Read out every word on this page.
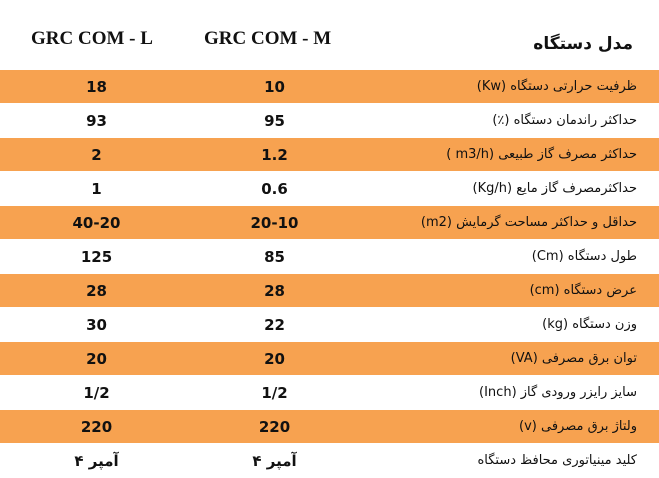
GRC COM - L	GRC COM - M	مدل دستگاه
18	10	ظرفیت حرارتی دستگاه (Kw)
93	95	حداکثر راندمان دستگاه (٪)
2	1.2	حداکثر مصرف گاز طبیعی (m3/h )
1	0.6	حداکثرمصرف گاز مایع (Kg/h)
40-20	20-10	حداقل و حداکثر مساحت گرمایش (m2)
125	85	طول دستگاه (Cm)
28	28	عرض دستگاه (cm)
30	22	وزن دستگاه (kg)
20	20	توان برق مصرفی (VA)
1/2	1/2	سایز رایزر ورودی گاز (Inch)
220	220	ولتاژ برق مصرفی (v)
۴ آمپر	۴ آمپر	کلید مینیاتوری محافظ دستگاه
